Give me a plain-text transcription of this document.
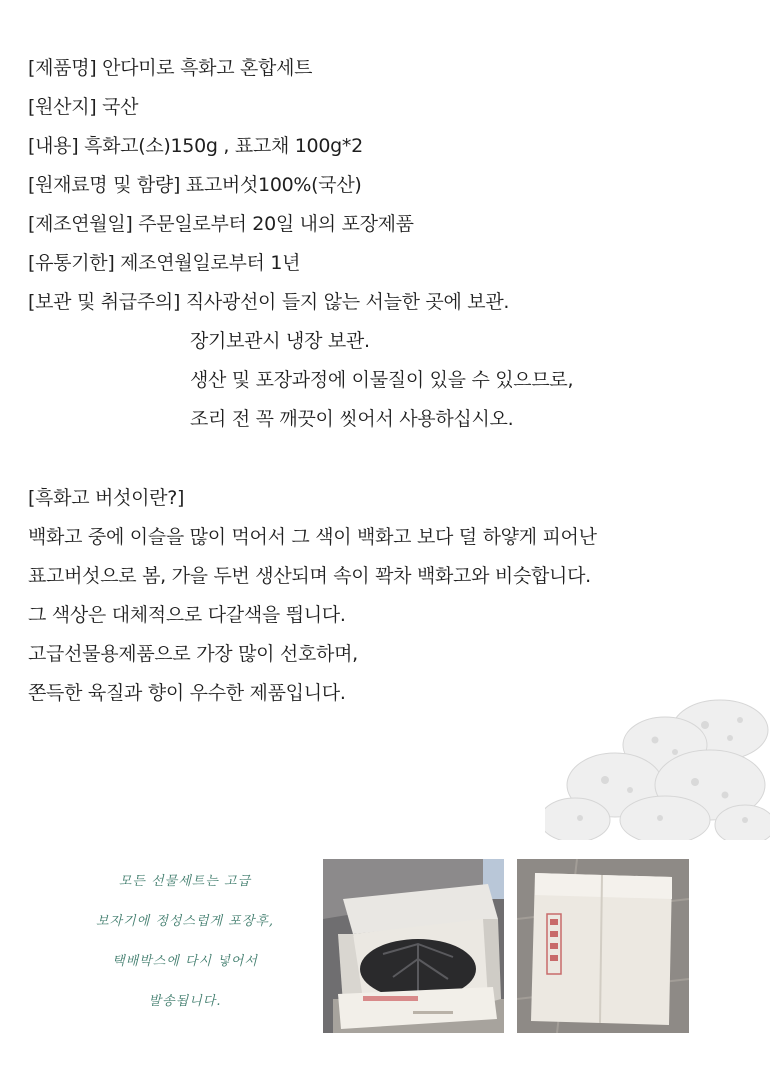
[제품명] 안다미로 흑화고 혼합세트
[원산지] 국산
[내용] 흑화고(소)150g , 표고채 100g*2
[원재료명 및 함량] 표고버섯100%(국산)
[제조연월일] 주문일로부터 20일 내의 포장제품
[유통기한] 제조연월일로부터 1년
[보관 및 취급주의] 직사광선이 들지 않는 서늘한 곳에 보관.
장기보관시 냉장 보관.
생산 및 포장과정에 이물질이 있을 수 있으므로,
조리 전 꼭 깨끗이 씻어서 사용하십시오.
[흑화고 버섯이란?]
백화고 중에 이슬을 많이 먹어서 그 색이 백화고 보다 덜 하얗게 피어난
표고버섯으로 봄, 가을 두번 생산되며 속이 꽉차 백화고와 비슷합니다.
그 색상은 대체적으로 다갈색을 띕니다.
고급선물용제품으로 가장 많이 선호하며,
쫀득한 육질과 향이 우수한 제품입니다.
모든 선물세트는 고급
보자기에 정성스럽게 포장후,
택배박스에 다시 넣어서
발송됩니다.
